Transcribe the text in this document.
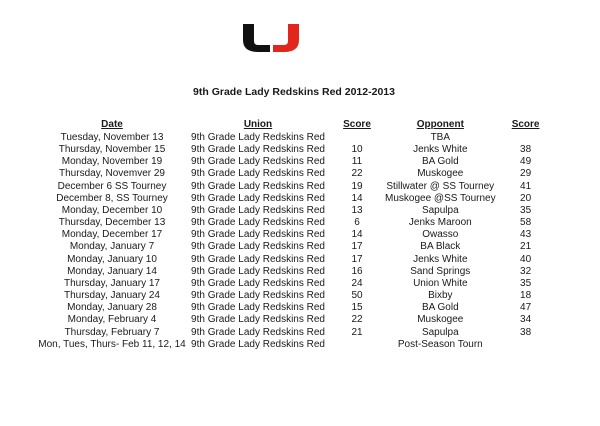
9th Grade Lady Redskins Red 2012-2013
Date	Union	Score	Opponent	Score
Tuesday, November 13	9th Grade Lady Redskins Red		TBA	
Thursday, November 15	9th Grade Lady Redskins Red	10	Jenks White	38
Monday, November 19	9th Grade Lady Redskins Red	11	BA Gold	49
Thursday, Novemver 29	9th Grade Lady Redskins Red	22	Muskogee	29
December 6 SS Tourney	9th Grade Lady Redskins Red	19	Stillwater @ SS Tourney	41
December 8, SS Tourney	9th Grade Lady Redskins Red	14	Muskogee @SS Tourney	20
Monday, December 10	9th Grade Lady Redskins Red	13	Sapulpa	35
Thursday, December 13	9th Grade Lady Redskins Red	6	Jenks Maroon	58
Monday, December 17	9th Grade Lady Redskins Red	14	Owasso	43
Monday, January 7	9th Grade Lady Redskins Red	17	BA Black	21
Monday, January 10	9th Grade Lady Redskins Red	17	Jenks White	40
Monday, January 14	9th Grade Lady Redskins Red	16	Sand Springs	32
Thursday, January 17	9th Grade Lady Redskins Red	24	Union White	35
Thursday, January 24	9th Grade Lady Redskins Red	50	Bixby	18
Monday, January 28	9th Grade Lady Redskins Red	15	BA Gold	47
Monday, February 4	9th Grade Lady Redskins Red	22	Muskogee	34
Thursday, February 7	9th Grade Lady Redskins Red	21	Sapulpa	38
Mon, Tues, Thurs- Feb 11, 12, 14	9th Grade Lady Redskins Red		Post-Season Tourn	
